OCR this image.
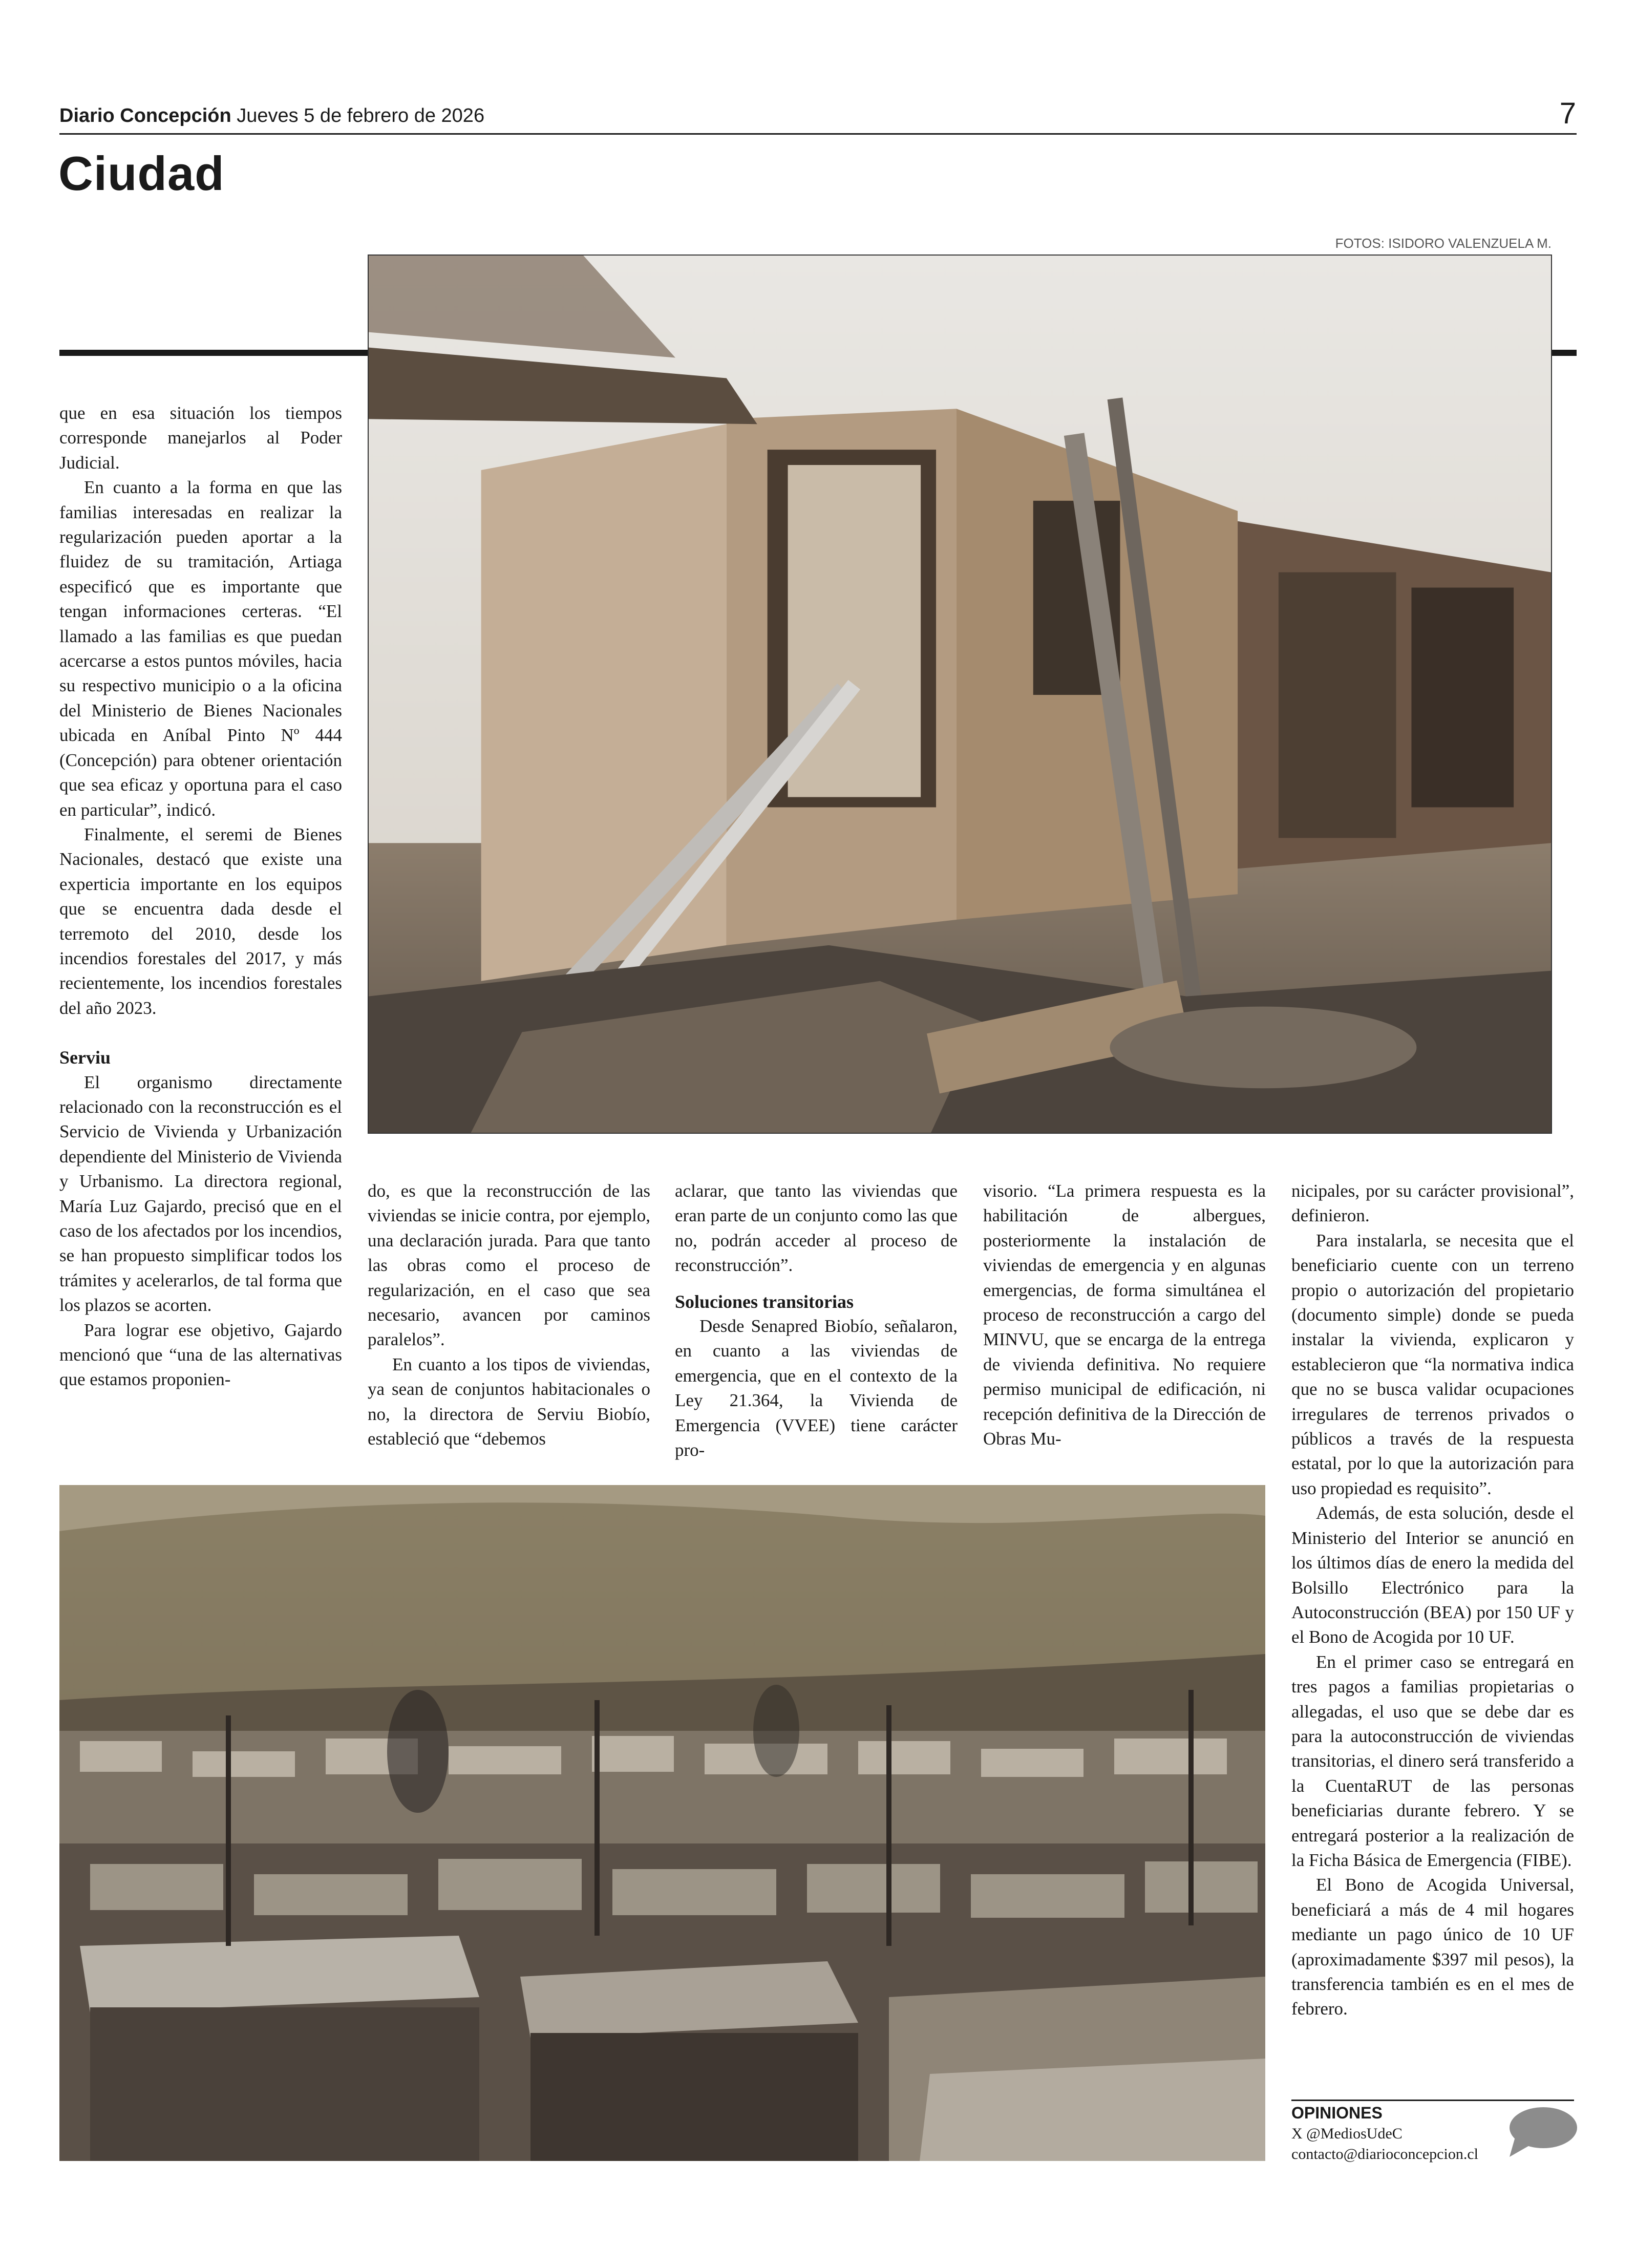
Diario Concepción Jueves 5 de febrero de 2026	7
Ciudad
FOTOS: ISIDORO VALENZUELA M.

que en esa situación los tiempos corresponde manejarlos al Poder Judicial.

En cuanto a la forma en que las familias interesadas en realizar la regularización pueden aportar a la fluidez de su tramitación, Artiaga especificó que es importante que tengan informaciones certeras. “El llamado a las familias es que puedan acercarse a estos puntos móviles, hacia su respectivo municipio o a la oficina del Ministerio de Bienes Nacionales ubicada en Aníbal Pinto Nº 444 (Concepción) para obtener orientación que sea eficaz y oportuna para el caso en particular”, indicó.

Finalmente, el seremi de Bienes Nacionales, destacó que existe una experticia importante en los equipos que se encuentra dada desde el terremoto del 2010, desde los incendios forestales del 2017, y más recientemente, los incendios forestales del año 2023.

Serviu

El organismo directamente relacionado con la reconstrucción es el Servicio de Vivienda y Urbanización dependiente del Ministerio de Vivienda y Urbanismo. La directora regional, María Luz Gajardo, precisó que en el caso de los afectados por los incendios, se han propuesto simplificar todos los trámites y acelerarlos, de tal forma que los plazos se acorten.

Para lograr ese objetivo, Gajardo mencionó que “una de las alternativas que estamos proponien-

do, es que la reconstrucción de las viviendas se inicie contra, por ejemplo, una declaración jurada. Para que tanto las obras como el proceso de regularización, en el caso que sea necesario, avancen por caminos paralelos”.

En cuanto a los tipos de viviendas, ya sean de conjuntos habitacionales o no, la directora de Serviu Biobío, estableció que “debemos

aclarar, que tanto las viviendas que eran parte de un conjunto como las que no, podrán acceder al proceso de reconstrucción”.

Soluciones transitorias

Desde Senapred Biobío, señalaron, en cuanto a las viviendas de emergencia, que en el contexto de la Ley 21.364, la Vivienda de Emergencia (VVEE) tiene carácter pro-

visorio. “La primera respuesta es la habilitación de albergues, posteriormente la instalación de viviendas de emergencia y en algunas emergencias, de forma simultánea el proceso de reconstrucción a cargo del MINVU, que se encarga de la entrega de vivienda definitiva. No requiere permiso municipal de edificación, ni recepción definitiva de la Dirección de Obras Mu-

nicipales, por su carácter provisional”, definieron.

Para instalarla, se necesita que el beneficiario cuente con un terreno propio o autorización del propietario (documento simple) donde se pueda instalar la vivienda, explicaron y establecieron que “la normativa indica que no se busca validar ocupaciones irregulares de terrenos privados o públicos a través de la respuesta estatal, por lo que la autorización para uso propiedad es requisito”.

Además, de esta solución, desde el Ministerio del Interior se anunció en los últimos días de enero la medida del Bolsillo Electrónico para la Autoconstrucción (BEA) por 150 UF y el Bono de Acogida por 10 UF.

En el primer caso se entregará en tres pagos a familias propietarias o allegadas, el uso que se debe dar es para la autoconstrucción de viviendas transitorias, el dinero será transferido a la CuentaRUT de las personas beneficiarias durante febrero. Y se entregará posterior a la realización de la Ficha Básica de Emergencia (FIBE).

El Bono de Acogida Universal, beneficiará a más de 4 mil hogares mediante un pago único de 10 UF (aproximadamente $397 mil pesos), la transferencia también es en el mes de febrero.

OPINIONES
X @MediosUdeC
contacto@diarioconcepcion.cl
